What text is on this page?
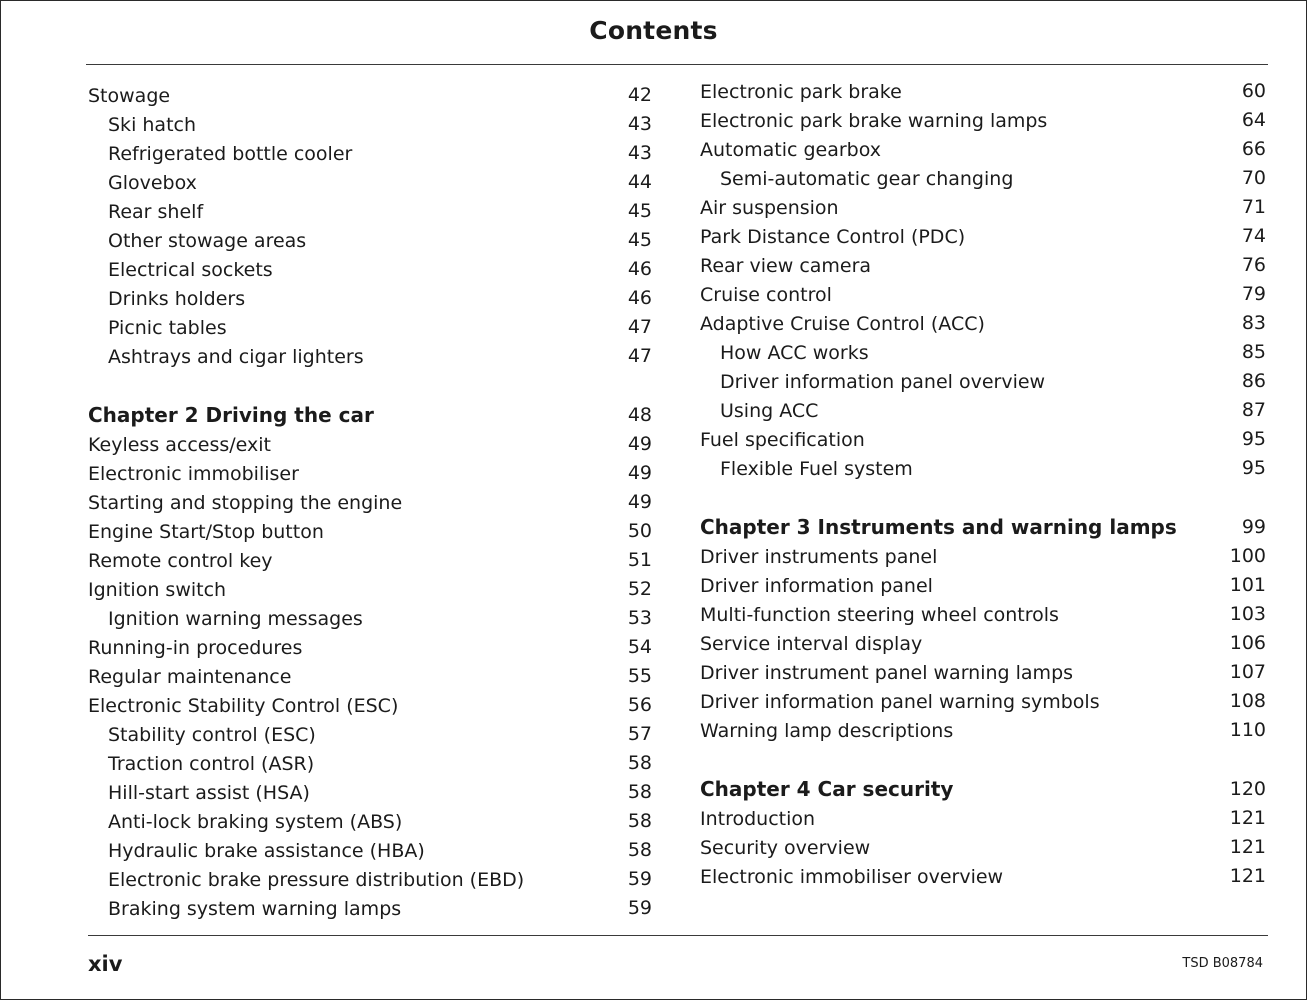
Contents
Stowage	42
Ski hatch	43
Refrigerated bottle cooler	43
Glovebox	44
Rear shelf	45
Other stowage areas	45
Electrical sockets	46
Drinks holders	46
Picnic tables	47
Ashtrays and cigar lighters	47
Chapter 2 Driving the car	48
Keyless access/exit	49
Electronic immobiliser	49
Starting and stopping the engine	49
Engine Start/Stop button	50
Remote control key	51
Ignition switch	52
Ignition warning messages	53
Running-in procedures	54
Regular maintenance	55
Electronic Stability Control (ESC)	56
Stability control (ESC)	57
Traction control (ASR)	58
Hill-start assist (HSA)	58
Anti-lock braking system (ABS)	58
Hydraulic brake assistance (HBA)	58
Electronic brake pressure distribution (EBD)	59
Braking system warning lamps	59
Electronic park brake	60
Electronic park brake warning lamps	64
Automatic gearbox	66
Semi-automatic gear changing	70
Air suspension	71
Park Distance Control (PDC)	74
Rear view camera	76
Cruise control	79
Adaptive Cruise Control (ACC)	83
How ACC works	85
Driver information panel overview	86
Using ACC	87
Fuel specification	95
Flexible Fuel system	95
Chapter 3 Instruments and warning lamps	99
Driver instruments panel	100
Driver information panel	101
Multi-function steering wheel controls	103
Service interval display	106
Driver instrument panel warning lamps	107
Driver information panel warning symbols	108
Warning lamp descriptions	110
Chapter 4 Car security	120
Introduction	121
Security overview	121
Electronic immobiliser overview	121
xiv	TSD B08784
